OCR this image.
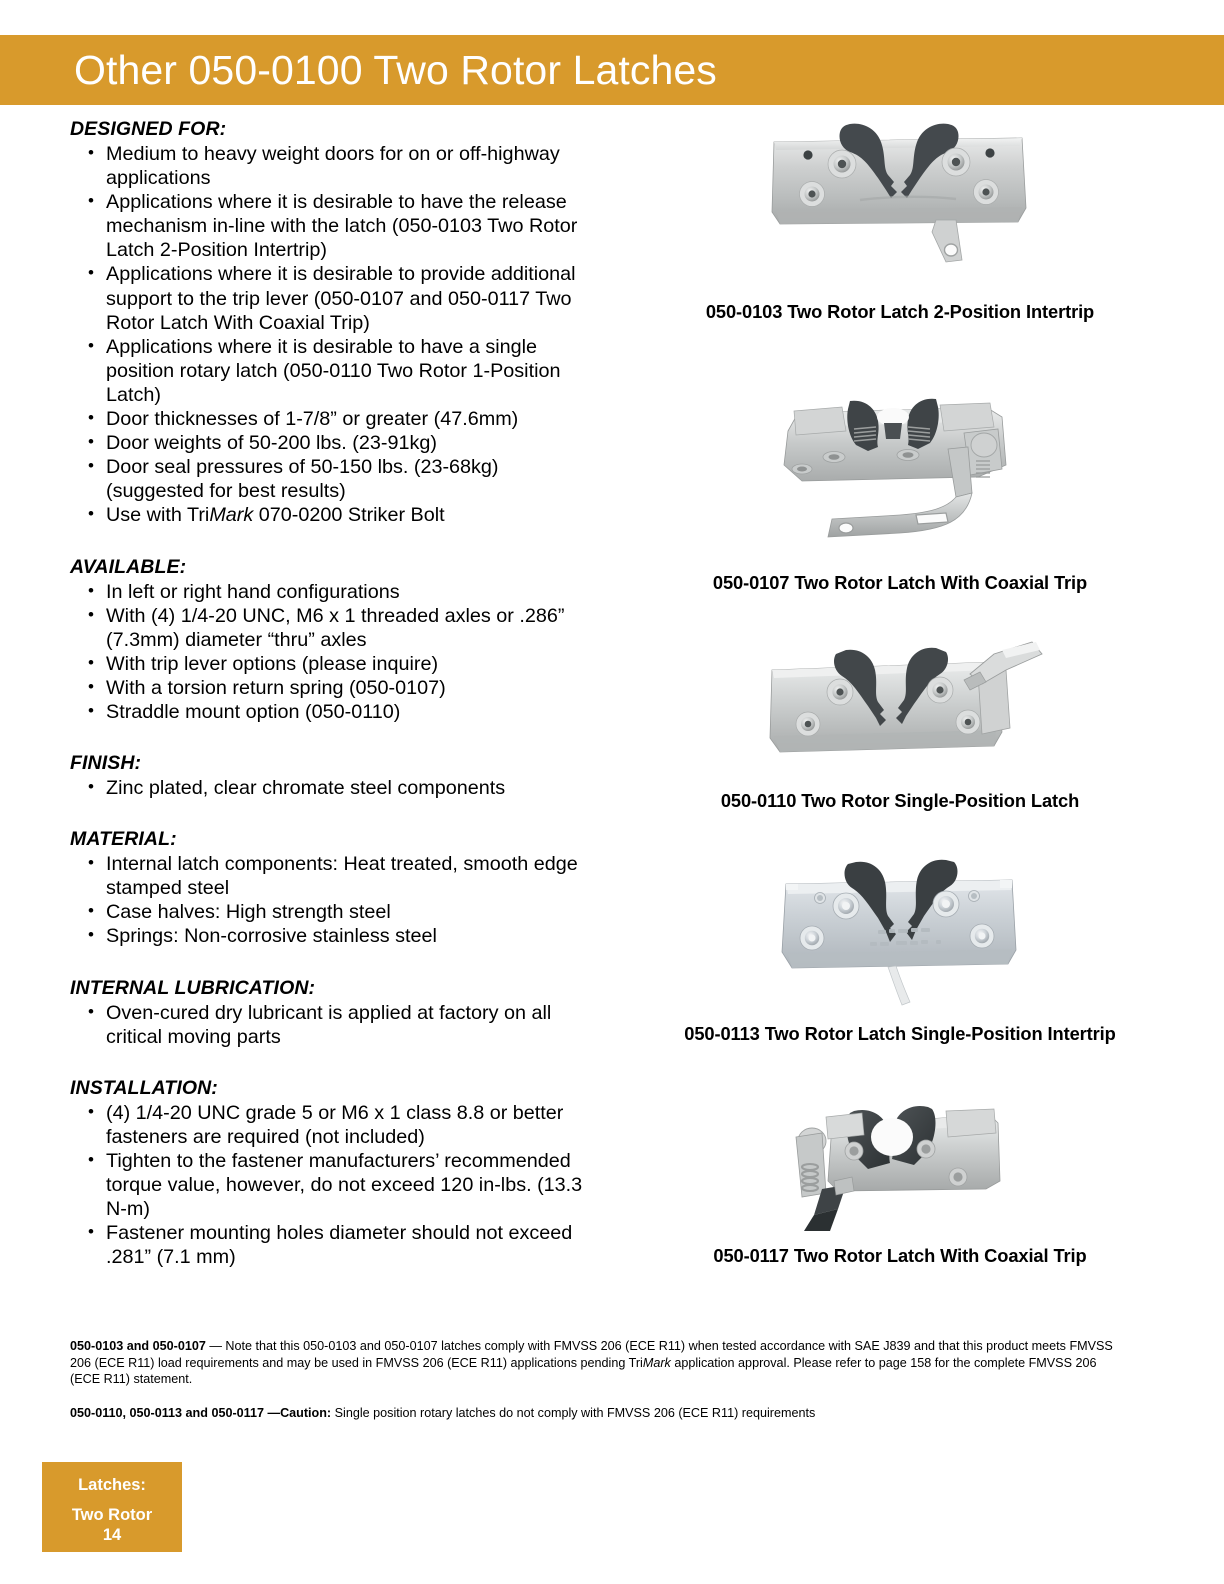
Other 050-0100 Two Rotor Latches
DESIGNED FOR:
• Medium to heavy weight doors for on or off-highway applications
• Applications where it is desirable to have the release mechanism in-line with the latch (050-0103 Two Rotor Latch 2-Position Intertrip)
• Applications where it is desirable to provide additional support to the trip lever (050-0107 and 050-0117 Two Rotor Latch With Coaxial Trip)
• Applications where it is desirable to have a single position rotary latch (050-0110 Two Rotor 1-Position Latch)
• Door thicknesses of 1-7/8” or greater (47.6mm)
• Door weights of 50-200 lbs. (23-91kg)
• Door seal pressures of 50-150 lbs. (23-68kg) (suggested for best results)
• Use with TriMark 070-0200 Striker Bolt
AVAILABLE:
• In left or right hand configurations
• With (4) 1/4-20 UNC, M6 x 1 threaded axles or .286” (7.3mm) diameter “thru” axles
• With trip lever options (please inquire)
• With a torsion return spring (050-0107)
• Straddle mount option (050-0110)
FINISH:
• Zinc plated, clear chromate steel components
MATERIAL:
• Internal latch components: Heat treated, smooth edge stamped steel
• Case halves: High strength steel
• Springs: Non-corrosive stainless steel
INTERNAL LUBRICATION:
• Oven-cured dry lubricant is applied at factory on all critical moving parts
INSTALLATION:
• (4) 1/4-20 UNC grade 5 or M6 x 1 class 8.8 or better fasteners are required (not included)
• Tighten to the fastener manufacturers’ recommended torque value, however, do not exceed 120 in-lbs. (13.3 N-m)
• Fastener mounting holes diameter should not exceed .281” (7.1 mm)
050-0103 Two Rotor Latch 2-Position Intertrip
050-0107 Two Rotor Latch With Coaxial Trip
050-0110 Two Rotor Single-Position Latch
050-0113 Two Rotor Latch Single-Position Intertrip
050-0117 Two Rotor Latch With Coaxial Trip
050-0103 and 050-0107 — Note that this 050-0103 and 050-0107 latches comply with FMVSS 206 (ECE R11) when tested accordance with SAE J839 and that this product meets FMVSS 206 (ECE R11) load requirements and may be used in FMVSS 206 (ECE R11) applications pending TriMark application approval. Please refer to page 158 for the complete FMVSS 206 (ECE R11) statement.
050-0110, 050-0113 and 050-0117 —Caution: Single position rotary latches do not comply with FMVSS 206 (ECE R11) requirements
Latches:
Two Rotor
14
